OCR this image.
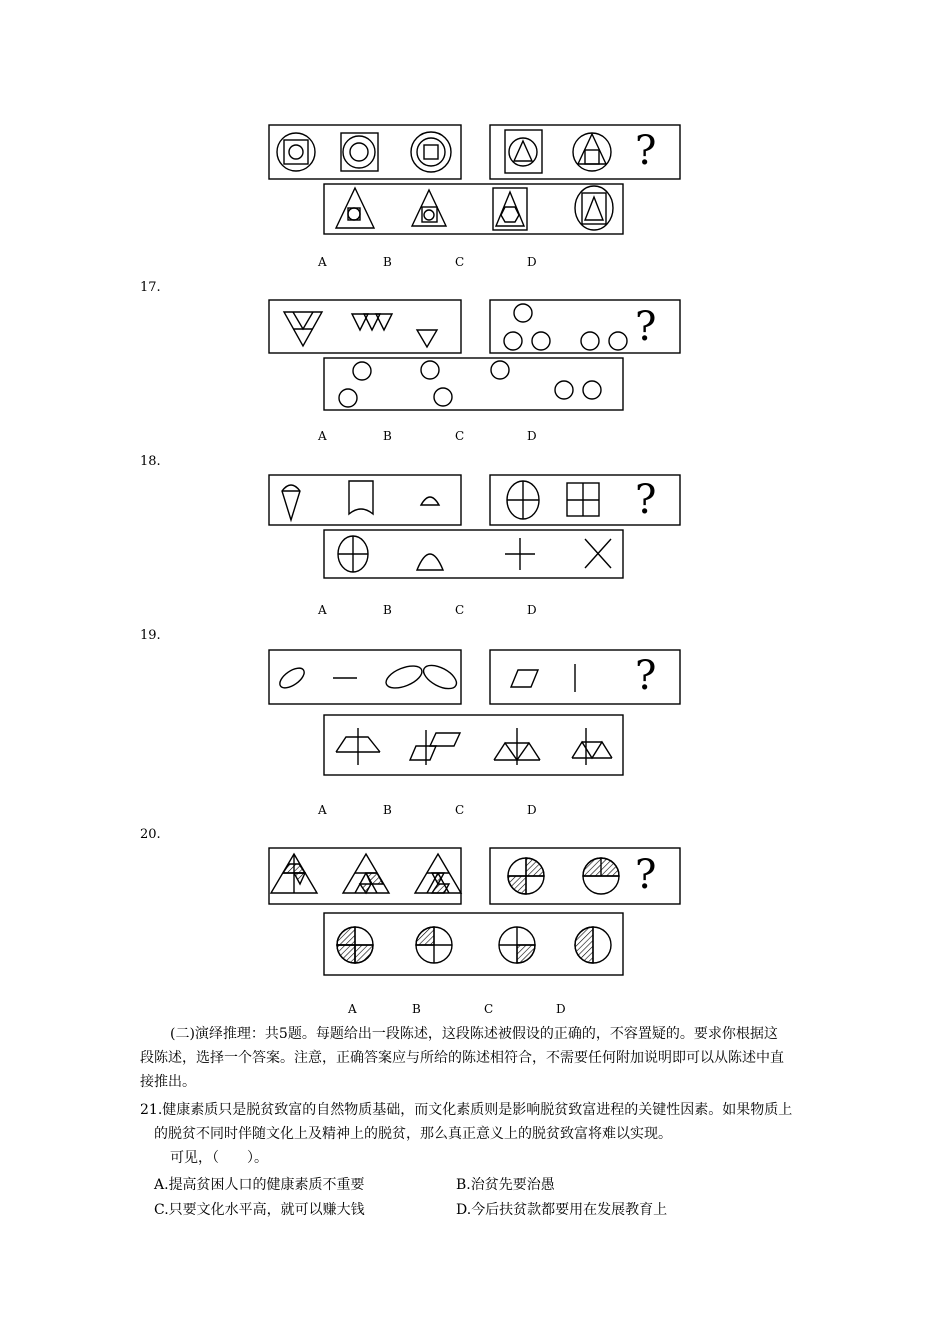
?
?
?
?
?
A	B	C	D
A	B	C	D
A	B	C	D
A	B	C	D
A	B	C	D
17.
18.
19.
20.
(二)演绎推理：共5题。每题给出一段陈述，这段陈述被假设的正确的，不容置疑的。要求你根据这
段陈述，选择一个答案。注意，正确答案应与所给的陈述相符合，不需要任何附加说明即可以从陈述中直
接推出。
21.健康素质只是脱贫致富的自然物质基础，而文化素质则是影响脱贫致富进程的关键性因素。如果物质上
的脱贫不同时伴随文化上及精神上的脱贫，那么真正意义上的脱贫致富将难以实现。
可见，（　　）。
A.提高贫困人口的健康素质不重要	B.治贫先要治愚
C.只要文化水平高，就可以赚大钱	D.今后扶贫款都要用在发展教育上
